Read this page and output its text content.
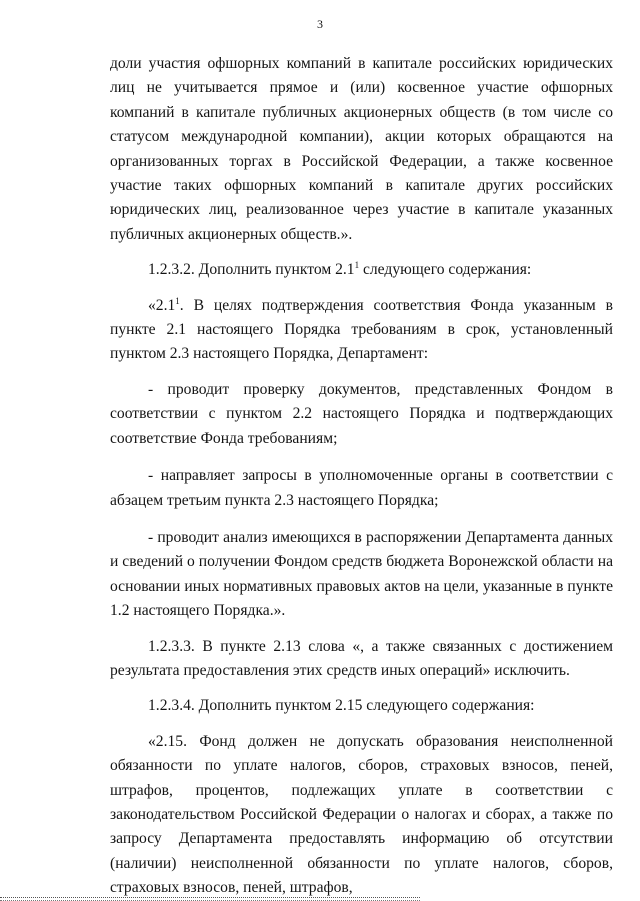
3

доли участия офшорных компаний в капитале российских юридических лиц не учитывается прямое и (или) косвенное участие офшорных компаний в капитале публичных акционерных обществ (в том числе со статусом международной компании), акции которых обращаются на организованных торгах в Российской Федерации, а также косвенное участие таких офшорных компаний в капитале других российских юридических лиц, реализованное через участие в капитале указанных публичных акционерных обществ.».

1.2.3.2. Дополнить пунктом $2.1^1$ следующего содержания:

«$2.1^1$. В целях подтверждения соответствия Фонда указанным в пункте 2.1 настоящего Порядка требованиям в срок, установленный пунктом 2.3 настоящего Порядка, Департамент:

- проводит проверку документов, представленных Фондом в соответствии с пунктом 2.2 настоящего Порядка и подтверждающих соответствие Фонда требованиям;

- направляет запросы в уполномоченные органы в соответствии с абзацем третьим пункта 2.3 настоящего Порядка;

- проводит анализ имеющихся в распоряжении Департамента данных и сведений о получении Фондом средств бюджета Воронежской области на основании иных нормативных правовых актов на цели, указанные в пункте 1.2 настоящего Порядка.».

1.2.3.3. В пункте 2.13 слова «, а также связанных с достижением результата предоставления этих средств иных операций» исключить.

1.2.3.4. Дополнить пунктом 2.15 следующего содержания:

«2.15. Фонд должен не допускать образования неисполненной обязанности по уплате налогов, сборов, страховых взносов, пеней, штрафов, процентов, подлежащих уплате в соответствии с законодательством Российской Федерации о налогах и сборах, а также по запросу Департамента предоставлять информацию об отсутствии (наличии) неисполненной обязанности по уплате налогов, сборов, страховых взносов, пеней, штрафов,
